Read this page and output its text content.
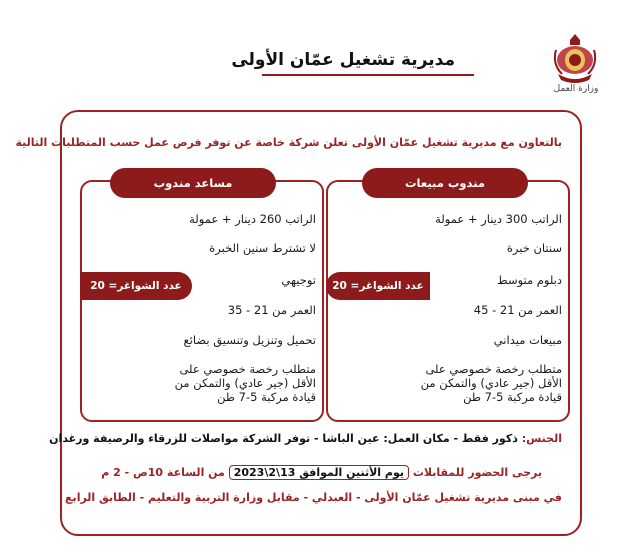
وزارة العمل
مديرية تشغيل عمّان الأولى
بالتعاون مع مديرية تشغيل عمّان الأولى تعلن شركة خاصة عن توفر فرص عمل حسب المتطلبات التالية
مندوب مبيعات
مساعد مندوب
عدد الشواغر= 20
عدد الشواغر= 20
الراتب 300 دينار + عمولة
سنتان خبرة
دبلوم متوسط
العمر من 21 - 45
مبيعات ميداني
متطلب رخصة خصوصي على الأقل (جير عادي) والتمكن من قيادة مركبة 5-7 طن
الراتب 260 دينار + عمولة
لا تشترط سنين الخبرة
توجيهي
العمر من 21 - 35
تحميل وتنزيل وتنسيق بضائع
متطلب رخصة خصوصي على الأقل (جير عادي) والتمكن من قيادة مركبة 5-7 طن
الجنس: ذكور فقط - مكان العمل: عين الباشا - توفر الشركة مواصلات للزرقاء والرصيفة ورغدان
يرجى الحضور للمقابلات يوم الأثنين الموافق 13\2\2023 من الساعة 10ص - 2 م
في مبنى مديرية تشغيل عمّان الأولى - العبدلي - مقابل وزارة التربية والتعليم - الطابق الرابع
